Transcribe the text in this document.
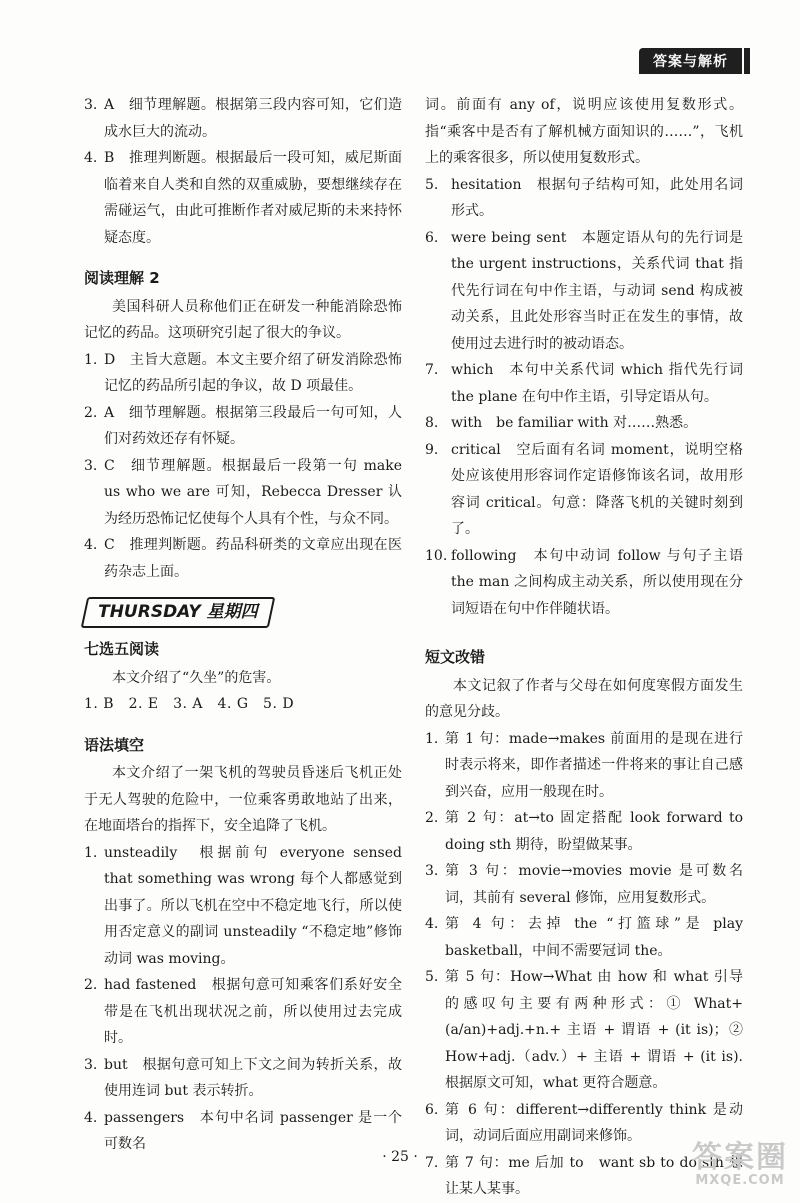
答案与解析
3. A　细节理解题。根据第三段内容可知，它们造成水巨大的流动。
4. B　推理判断题。根据最后一段可知，威尼斯面临着来自人类和自然的双重威胁，要想继续存在需碰运气，由此可推断作者对威尼斯的未来持怀疑态度。
阅读理解 2

美国科研人员称他们正在研发一种能消除恐怖记忆的药品。这项研究引起了很大的争议。

1. D　主旨大意题。本文主要介绍了研发消除恐怖记忆的药品所引起的争议，故 D 项最佳。
2. A　细节理解题。根据第三段最后一句可知，人们对药效还存有怀疑。
3. C　细节理解题。根据最后一段第一句 make us who we are 可知，Rebecca Dresser 认为经历恐怖记忆使每个人具有个性，与众不同。
4. C　推理判断题。药品科研类的文章应出现在医药杂志上面。
THURSDAY 星期四
七选五阅读

本文介绍了“久坐”的危害。

1. B　2. E　3. A　4. G　5. D

语法填空

本文介绍了一架飞机的驾驶员昏迷后飞机正处于无人驾驶的危险中，一位乘客勇敢地站了出来，在地面塔台的指挥下，安全追降了飞机。

1. unsteadily　根据前句 everyone sensed that something was wrong 每个人都感觉到出事了。所以飞机在空中不稳定地飞行，所以使用否定意义的副词 unsteadily “不稳定地”修饰动词 was moving。
2. had fastened　根据句意可知乘客们系好安全带是在飞机出现状况之前，所以使用过去完成时。
3. but　根据句意可知上下文之间为转折关系，故使用连词 but 表示转折。
4. passengers　本句中名词 passenger 是一个可数名

词。前面有 any of，说明应该使用复数形式。指“乘客中是否有了解机械方面知识的……”，飞机上的乘客很多，所以使用复数形式。

5. hesitation　根据句子结构可知，此处用名词形式。
6. were being sent　本题定语从句的先行词是 the urgent instructions，关系代词 that 指代先行词在句中作主语，与动词 send 构成被动关系，且此处形容当时正在发生的事情，故使用过去进行时的被动语态。
7. which　本句中关系代词 which 指代先行词 the plane 在句中作主语，引导定语从句。
8. with　be familiar with 对……熟悉。
9. critical　空后面有名词 moment，说明空格处应该使用形容词作定语修饰该名词，故用形容词 critical。句意：降落飞机的关键时刻到了。
10. following　本句中动词 follow 与句子主语 the man 之间构成主动关系，所以使用现在分词短语在句中作伴随状语。
短文改错

本文记叙了作者与父母在如何度寒假方面发生的意见分歧。

1. 第 1 句：made→makes 前面用的是现在进行时表示将来，即作者描述一件将来的事让自己感到兴奋，应用一般现在时。
2. 第 2 句：at→to 固定搭配 look forward to doing sth 期待，盼望做某事。
3. 第 3 句：movie→movies movie 是可数名词，其前有 several 修饰，应用复数形式。
4. 第 4 句：去掉 the “打篮球”是 play basketball，中间不需要冠词 the。
5. 第 5 句：How→What 由 how 和 what 引导的感叹句主要有两种形式：① What+(a/an)+adj.+n.+ 主语 + 谓语 + (it is)；② How+adj.（adv.）+ 主语 + 谓语 + (it is). 根据原文可知，what 更符合题意。
6. 第 6 句：different→differently think 是动词，动词后面应用副词来修饰。
7. 第 7 句：me 后加 to　want sb to do sth 想让某人某事。
· 25 ·	答案圈
MXQE.COM
